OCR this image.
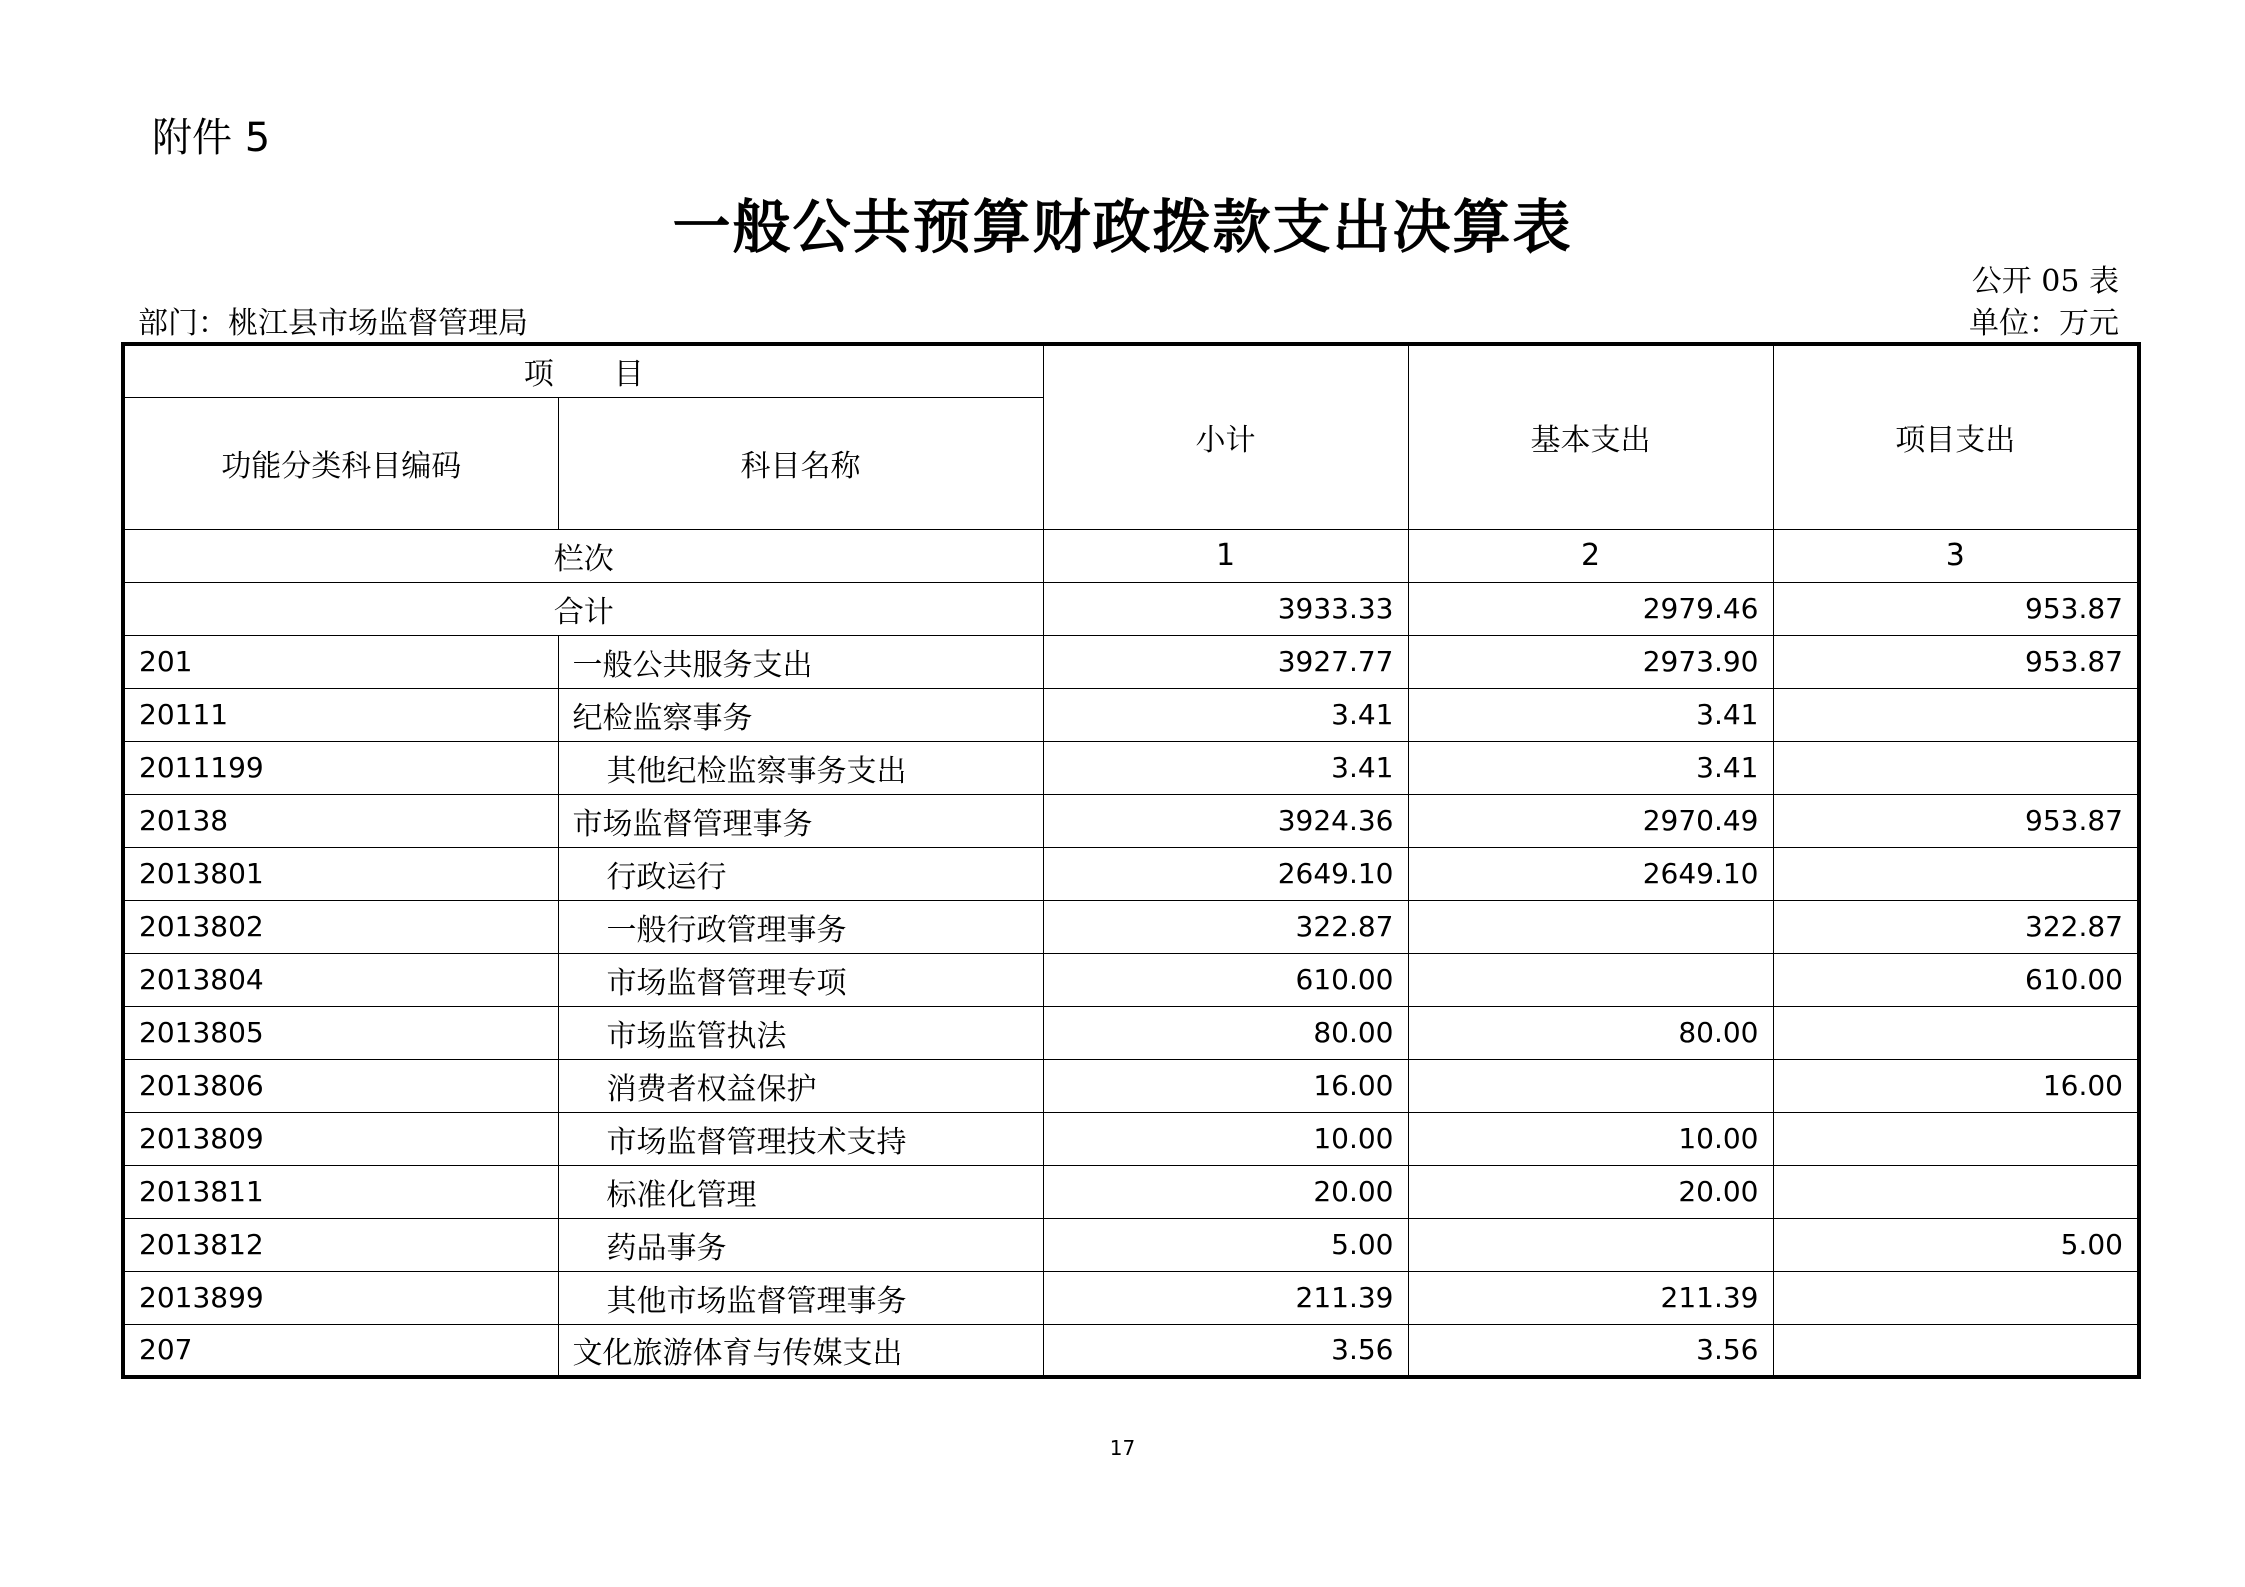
附件 5
一般公共预算财政拨款支出决算表
公开 05 表
部门：桃江县市场监督管理局	单位：万元
项　　目		小计	基本支出	项目支出
功能分类科目编码	科目名称			
栏次		1	2	3
合计		3933.33	2979.46	953.87
201	一般公共服务支出	3927.77	2973.90	953.87
20111	纪检监察事务	3.41	3.41	
2011199	其他纪检监察事务支出	3.41	3.41	
20138	市场监督管理事务	3924.36	2970.49	953.87
2013801	行政运行	2649.10	2649.10	
2013802	一般行政管理事务	322.87		322.87
2013804	市场监督管理专项	610.00		610.00
2013805	市场监管执法	80.00	80.00	
2013806	消费者权益保护	16.00		16.00
2013809	市场监督管理技术支持	10.00	10.00	
2013811	标准化管理	20.00	20.00	
2013812	药品事务	5.00		5.00
2013899	其他市场监督管理事务	211.39	211.39	
207	文化旅游体育与传媒支出	3.56	3.56	
17
